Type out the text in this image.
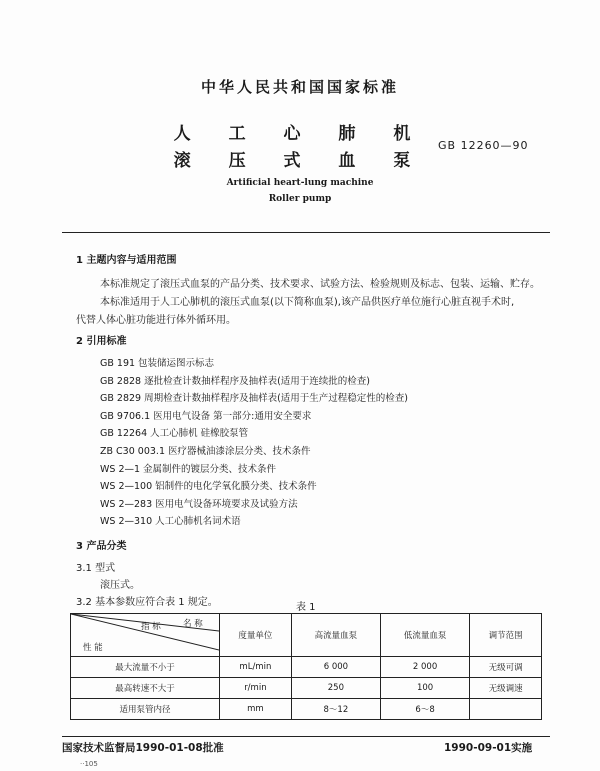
中华人民共和国国家标准
人 工 心 肺 机
滚 压 式 血 泵
GB 12260—90
Artificial heart-lung machine
Roller pump
1 主题内容与适用范围
本标准规定了滚压式血泵的产品分类、技术要求、试验方法、检验规则及标志、包装、运输、贮存。
本标准适用于人工心肺机的滚压式血泵(以下简称血泵),该产品供医疗单位施行心脏直视手术时,
代替人体心脏功能进行体外循环用。
2 引用标准
GB 191 包装储运图示标志
GB 2828 逐批检查计数抽样程序及抽样表(适用于连续批的检查)
GB 2829 周期检查计数抽样程序及抽样表(适用于生产过程稳定性的检查)
GB 9706.1 医用电气设备 第一部分:通用安全要求
GB 12264 人工心肺机 硅橡胶泵管
ZB C30 003.1 医疗器械油漆涂层分类、技术条件
WS 2—1 金属制件的镀层分类、技术条件
WS 2—100 铝制件的电化学氧化膜分类、技术条件
WS 2—283 医用电气设备环境要求及试验方法
WS 2—310 人工心肺机名词术语
3 产品分类
3.1 型式
滚压式。
3.2 基本参数应符合表 1 规定。	表 1
指 标 名 称
性 能	度量单位	高流量血泵	低流量血泵	调节范围
最大流量不小于	mL/min	6 000	2 000	无级可调
最高转速不大于	r/min	250	100	无级调速
适用泵管内径	mm	8～12	6～8	
国家技术监督局1990-01-08批准	1990-09-01实施
··105
